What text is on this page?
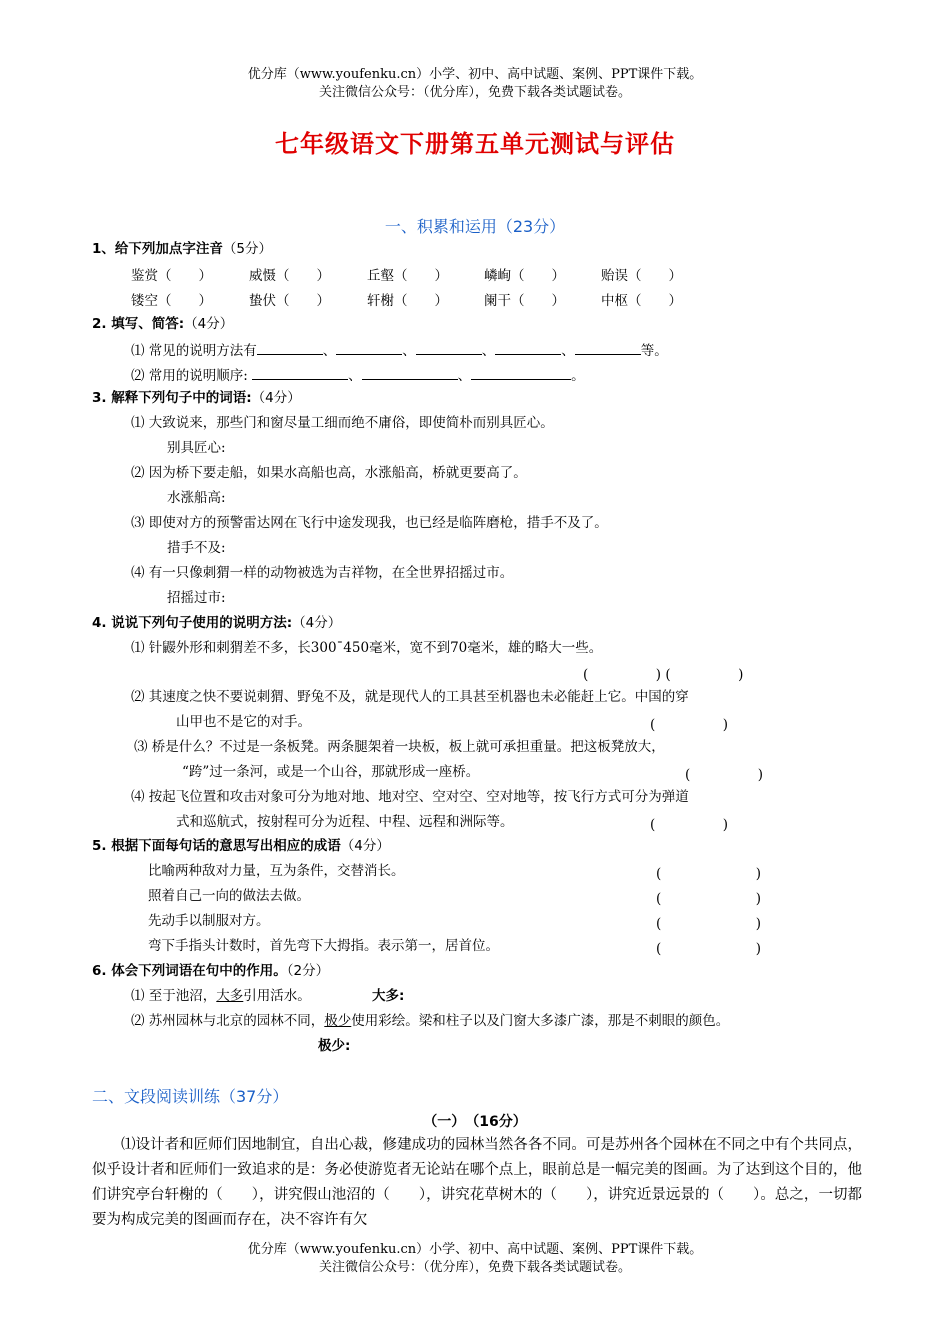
优分库（www.youfenku.cn）小学、初中、高中试题、案例、PPT课件下载。
关注微信公众号：（优分库），免费下载各类试题试卷。
七年级语文下册第五单元测试与评估
一、积累和运用（23分）
1、给下列加点字注音（5分）
鉴赏（　　）	威慑（　　）	丘壑（　　）	嶙峋（　　）	贻误（　　）
镂空（　　）	蛰伏（　　）	轩榭（　　）	阑干（　　）	中枢（　　）
2. 填写、简答:（4分）
⑴ 常见的说明方法有	、	、	、	、	等。
⑵ 常用的说明顺序:	、	、	。
3. 解释下列句子中的词语:（4分）
⑴ 大致说来，那些门和窗尽量工细而绝不庸俗，即使简朴而别具匠心。
别具匠心:
⑵ 因为桥下要走船，如果水高船也高，水涨船高，桥就更要高了。
水涨船高:
⑶ 即使对方的预警雷达网在飞行中途发现我，也已经是临阵磨枪，措手不及了。
措手不及:
⑷ 有一只像刺猬一样的动物被选为吉祥物，在全世界招摇过市。
招摇过市:
4. 说说下列句子使用的说明方法:（4分）
⑴ 针鼹外形和刺猬差不多，长300ˉ450毫米，宽不到70毫米，雄的略大一些。
(　　　　　) (　　　　　)
⑵ 其速度之快不要说刺猬、野兔不及，就是现代人的工具甚至机器也未必能赶上它。中国的穿
山甲也不是它的对手。	(　　　　　)
⑶ 桥是什么？不过是一条板凳。两条腿架着一块板，板上就可承担重量。把这板凳放大，
“跨”过一条河，或是一个山谷，那就形成一座桥。	(　　　　　)
⑷ 按起飞位置和攻击对象可分为地对地、地对空、空对空、空对地等，按飞行方式可分为弹道
式和巡航式，按射程可分为近程、中程、远程和洲际等。	(　　　　　)
5. 根据下面每句话的意思写出相应的成语（4分）
比喻两种敌对力量，互为条件，交替消长。	(　　　　　　　)
照着自己一向的做法去做。	(　　　　　　　)
先动手以制服对方。	(　　　　　　　)
弯下手指头计数时，首先弯下大拇指。表示第一，居首位。	(　　　　　　　)
6. 体会下列词语在句中的作用。（2分）
⑴ 至于池沼，大多引用活水。	大多:
⑵ 苏州园林与北京的园林不同，极少使用彩绘。梁和柱子以及门窗大多漆广漆，那是不刺眼的颜色。
极少:
二、文段阅读训练（37分）
（一）　（16分）
⑴设计者和匠师们因地制宜，自出心裁，修建成功的园林当然各各不同。可是苏州各个园林在不同之中有个共同点，似乎设计者和匠师们一致追求的是：务必使游览者无论站在哪个点上，眼前总是一幅完美的图画。为了达到这个目的，他们讲究亭台轩榭的（　　），讲究假山池沼的（　　），讲究花草树木的（　　），讲究近景远景的（　　）。总之，一切都要为构成完美的图画而存在，决不容许有欠
优分库（www.youfenku.cn）小学、初中、高中试题、案例、PPT课件下载。
关注微信公众号：（优分库），免费下载各类试题试卷。
